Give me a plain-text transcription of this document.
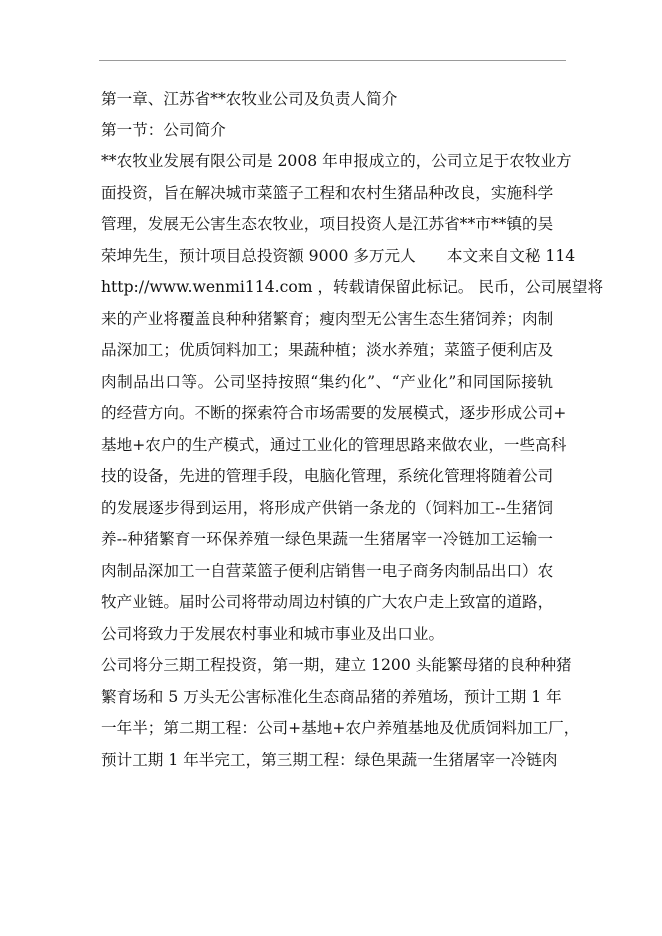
第一章、江苏省**农牧业公司及负责人简介

第一节：公司简介

**农牧业发展有限公司是 2008 年申报成立的，公司立足于农牧业方

面投资，旨在解决城市菜篮子工程和农村生猪品种改良，实施科学

管理，发展无公害生态农牧业，项目投资人是江苏省**市**镇的吴

荣坤先生，预计项目总投资额 9000 多万元人　　本文来自文秘 114

http://www.wenmi114.com ，转载请保留此标记。 民币，公司展望将

来的产业将覆盖良种种猪繁育；瘦肉型无公害生态生猪饲养；肉制

品深加工；优质饲料加工；果蔬种植；淡水养殖；菜篮子便利店及

肉制品出口等。公司坚持按照“集约化”、“产业化”和同国际接轨

的经营方向。不断的探索符合市场需要的发展模式，逐步形成公司+

基地+农户的生产模式，通过工业化的管理思路来做农业，一些高科

技的设备，先进的管理手段，电脑化管理，系统化管理将随着公司

的发展逐步得到运用，将形成产供销一条龙的（饲料加工--生猪饲

养--种猪繁育一环保养殖一绿色果蔬一生猪屠宰一冷链加工运输一

肉制品深加工一自营菜篮子便利店销售一电子商务肉制品出口）农

牧产业链。届时公司将带动周边村镇的广大农户走上致富的道路，

公司将致力于发展农村事业和城市事业及出口业。

公司将分三期工程投资，第一期，建立 1200 头能繁母猪的良种种猪

繁育场和 5 万头无公害标准化生态商品猪的养殖场，预计工期 1 年

一年半；第二期工程：公司+基地+农户养殖基地及优质饲料加工厂，

预计工期 1 年半完工，第三期工程：绿色果蔬一生猪屠宰一冷链肉
